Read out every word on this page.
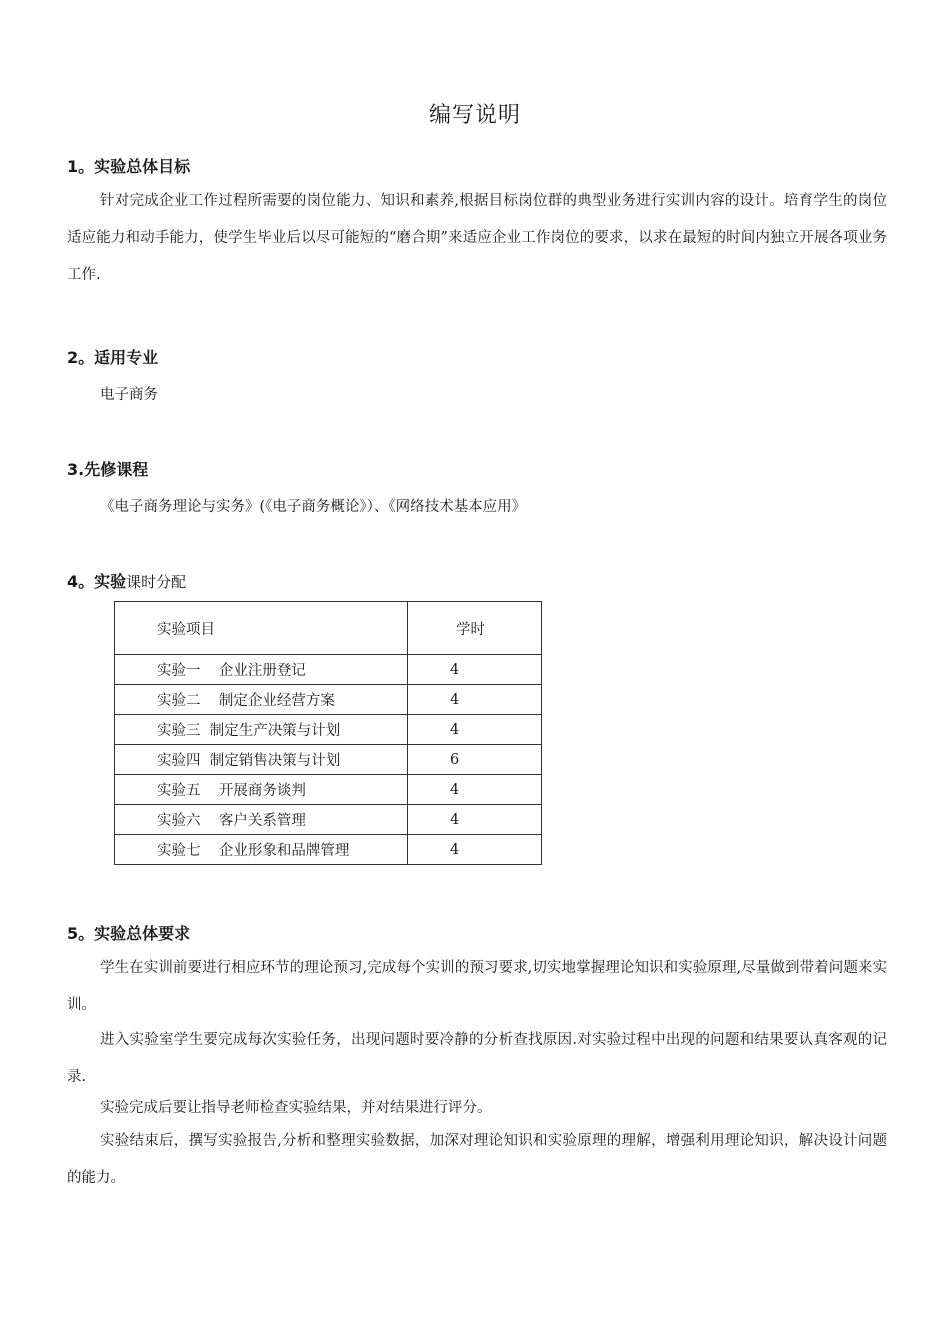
编写说明
1。实验总体目标
针对完成企业工作过程所需要的岗位能力、知识和素养,根据目标岗位群的典型业务进行实训内容的设计。培育学生的岗位适应能力和动手能力，使学生毕业后以尽可能短的“磨合期”来适应企业工作岗位的要求，以求在最短的时间内独立开展各项业务工作.
2。适用专业
电子商务
3.先修课程
《电子商务理论与实务》(《电子商务概论》）、《网络技术基本应用》
4。实验课时分配
实验项目	学时
实验一    企业注册登记	4
实验二    制定企业经营方案	4
实验三  制定生产决策与计划	4
实验四  制定销售决策与计划	6
实验五    开展商务谈判	4
实验六    客户关系管理	4
实验七    企业形象和品牌管理	4
5。实验总体要求
学生在实训前要进行相应环节的理论预习,完成每个实训的预习要求,切实地掌握理论知识和实验原理,尽量做到带着问题来实训。
进入实验室学生要完成每次实验任务，出现问题时要冷静的分析查找原因.对实验过程中出现的问题和结果要认真客观的记录.
实验完成后要让指导老师检查实验结果，并对结果进行评分。
实验结束后，撰写实验报告,分析和整理实验数据，加深对理论知识和实验原理的理解，增强利用理论知识，解决设计问题的能力。
